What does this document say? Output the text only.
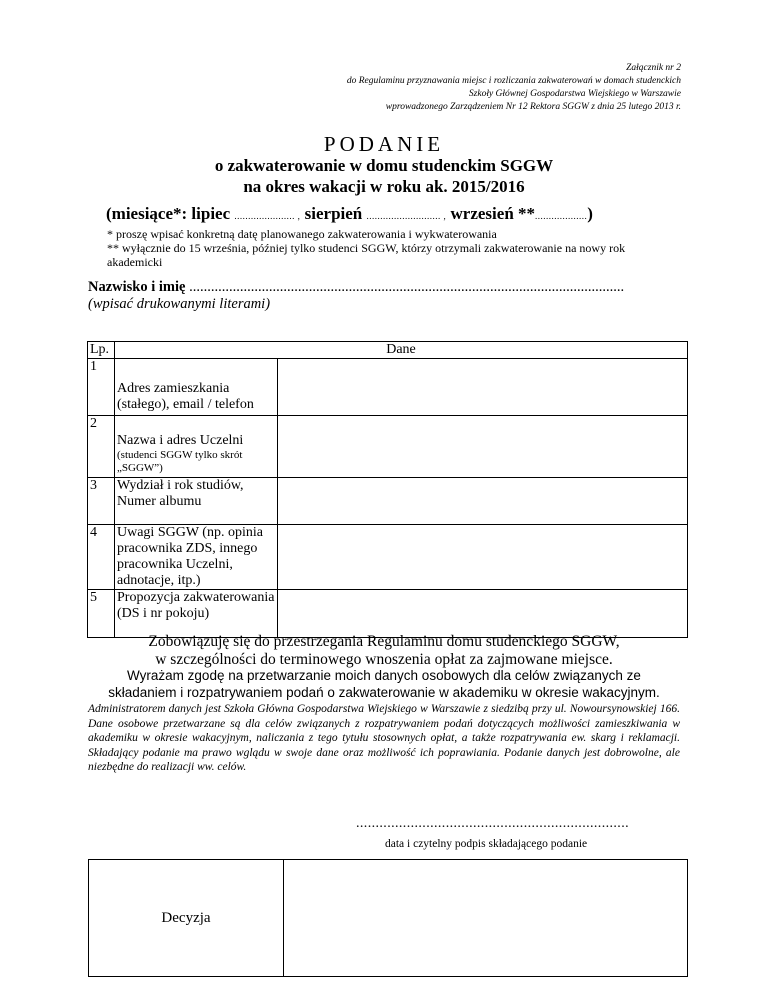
Załącznik nr 2
do Regulaminu przyznawania miejsc i rozliczania zakwaterowań w domach studenckich
Szkoły Głównej Gospodarstwa Wiejskiego w Warszawie
wprowadzonego Zarządzeniem Nr 12 Rektora SGGW z dnia 25 lutego 2013 r.
PODANIE
o zakwaterowanie w domu studenckim SGGW
na okres wakacji w roku ak. 2015/2016
(miesiące*: lipiec ...................... , sierpień ........................... , wrzesień **...................)
* proszę wpisać konkretną datę planowanego zakwaterowania i wykwaterowania
** wyłącznie do 15 września, później tylko studenci SGGW, którzy otrzymali zakwaterowanie na nowy rok akademicki
Nazwisko i imię ........................................................................................................................
(wpisać drukowanymi literami)
Lp.	Dane	
1	Adres zamieszkania (stałego), email / telefon	
2	Nazwa i adres Uczelni
(studenci SGGW tylko skrót „SGGW”)	

3	Wydział i rok studiów, Numer albumu	
4	Uwagi SGGW (np. opinia pracownika ZDS, innego pracownika Uczelni, adnotacje, itp.)	
5	Propozycja zakwaterowania (DS i nr pokoju)	
Zobowiązuję się do przestrzegania Regulaminu domu studenckiego SGGW,
w szczególności do terminowego wnoszenia opłat za zajmowane miejsce.
Wyrażam zgodę na przetwarzanie moich danych osobowych dla celów związanych ze
składaniem i rozpatrywaniem podań o zakwaterowanie w akademiku w okresie wakacyjnym.
Administratorem danych jest Szkoła Główna Gospodarstwa Wiejskiego w Warszawie z siedzibą przy ul. Nowoursynowskiej 166. Dane osobowe przetwarzane są dla celów związanych z rozpatrywaniem podań dotyczących możliwości zamieszkiwania w akademiku w okresie wakacyjnym, naliczania z tego tytułu stosownych opłat, a także rozpatrywania ew. skarg i reklamacji. Składający podanie ma prawo wglądu w swoje dane oraz możliwość ich poprawiania. Podanie danych jest dobrowolne, ale niezbędne do realizacji ww. celów.
......................................................................
data i czytelny podpis składającego podanie
Decyzja	
